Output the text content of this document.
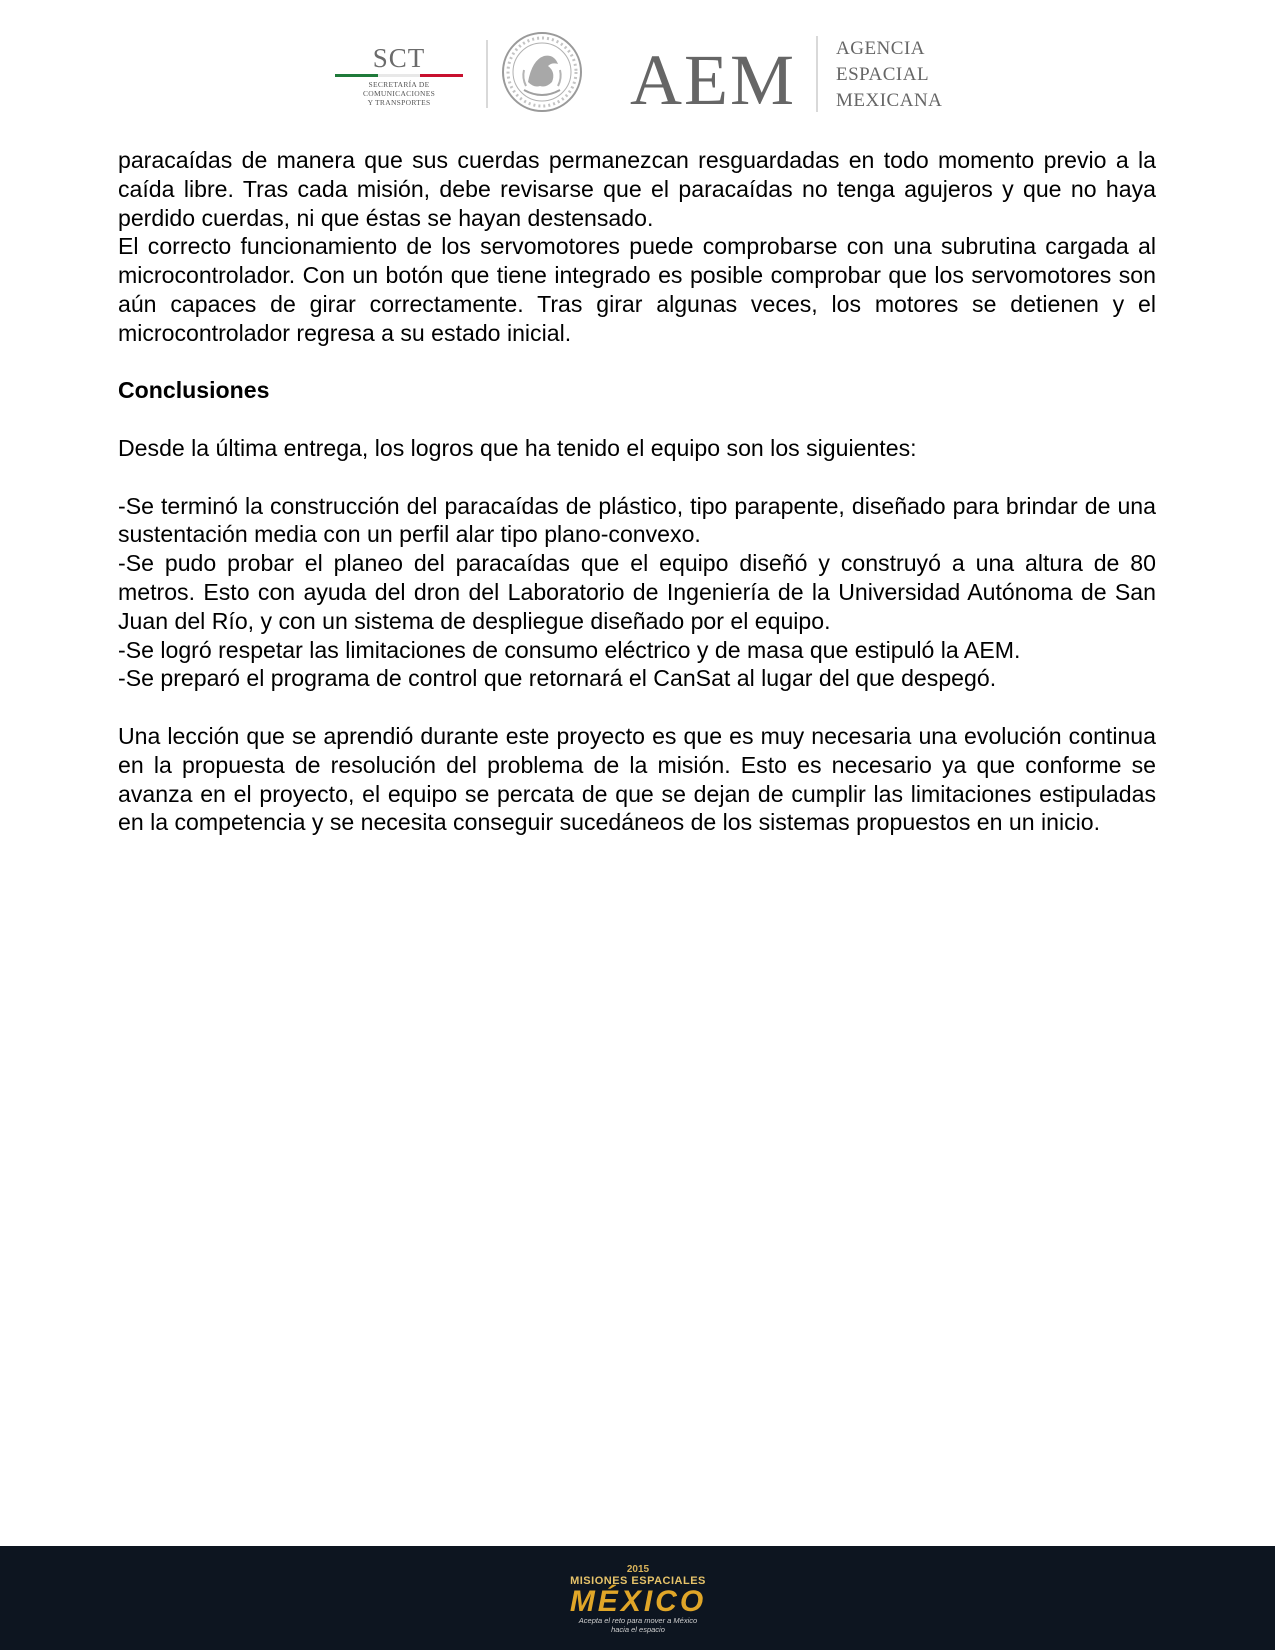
SCT
SECRETARÍA DE
COMUNICACIONES
Y TRANSPORTES	AEM AGENCIA
ESPACIAL
MEXICANA

paracaídas de manera que sus cuerdas permanezcan resguardadas en todo momento previo a la caída libre. Tras cada misión, debe revisarse que el paracaídas no tenga agujeros y que no haya perdido cuerdas, ni que éstas se hayan destensado.

El correcto funcionamiento de los servomotores puede comprobarse con una subrutina cargada al microcontrolador. Con un botón que tiene integrado es posible comprobar que los servomotores son aún capaces de girar correctamente. Tras girar algunas veces, los motores se detienen y el microcontrolador regresa a su estado inicial.

Conclusiones

Desde la última entrega, los logros que ha tenido el equipo son los siguientes:

-Se terminó la construcción del paracaídas de plástico, tipo parapente, diseñado para brindar de una sustentación media con un perfil alar tipo plano-convexo.

-Se pudo probar el planeo del paracaídas que el equipo diseñó y construyó a una altura de 80 metros. Esto con ayuda del dron del Laboratorio de Ingeniería de la Universidad Autónoma de San Juan del Río, y con un sistema de despliegue diseñado por el equipo.

-Se logró respetar las limitaciones de consumo eléctrico y de masa que estipuló la AEM.

-Se preparó el programa de control que retornará el CanSat al lugar del que despegó.

Una lección que se aprendió durante este proyecto es que es muy necesaria una evolución continua en la propuesta de resolución del problema de la misión. Esto es necesario ya que conforme se avanza en el proyecto, el equipo se percata de que se dejan de cumplir las limitaciones estipuladas en la competencia y se necesita conseguir sucedáneos de los sistemas propuestos en un inicio.

2015
MISIONES ESPACIALES
MÉXICO
Acepta el reto para mover a México
hacia el espacio
